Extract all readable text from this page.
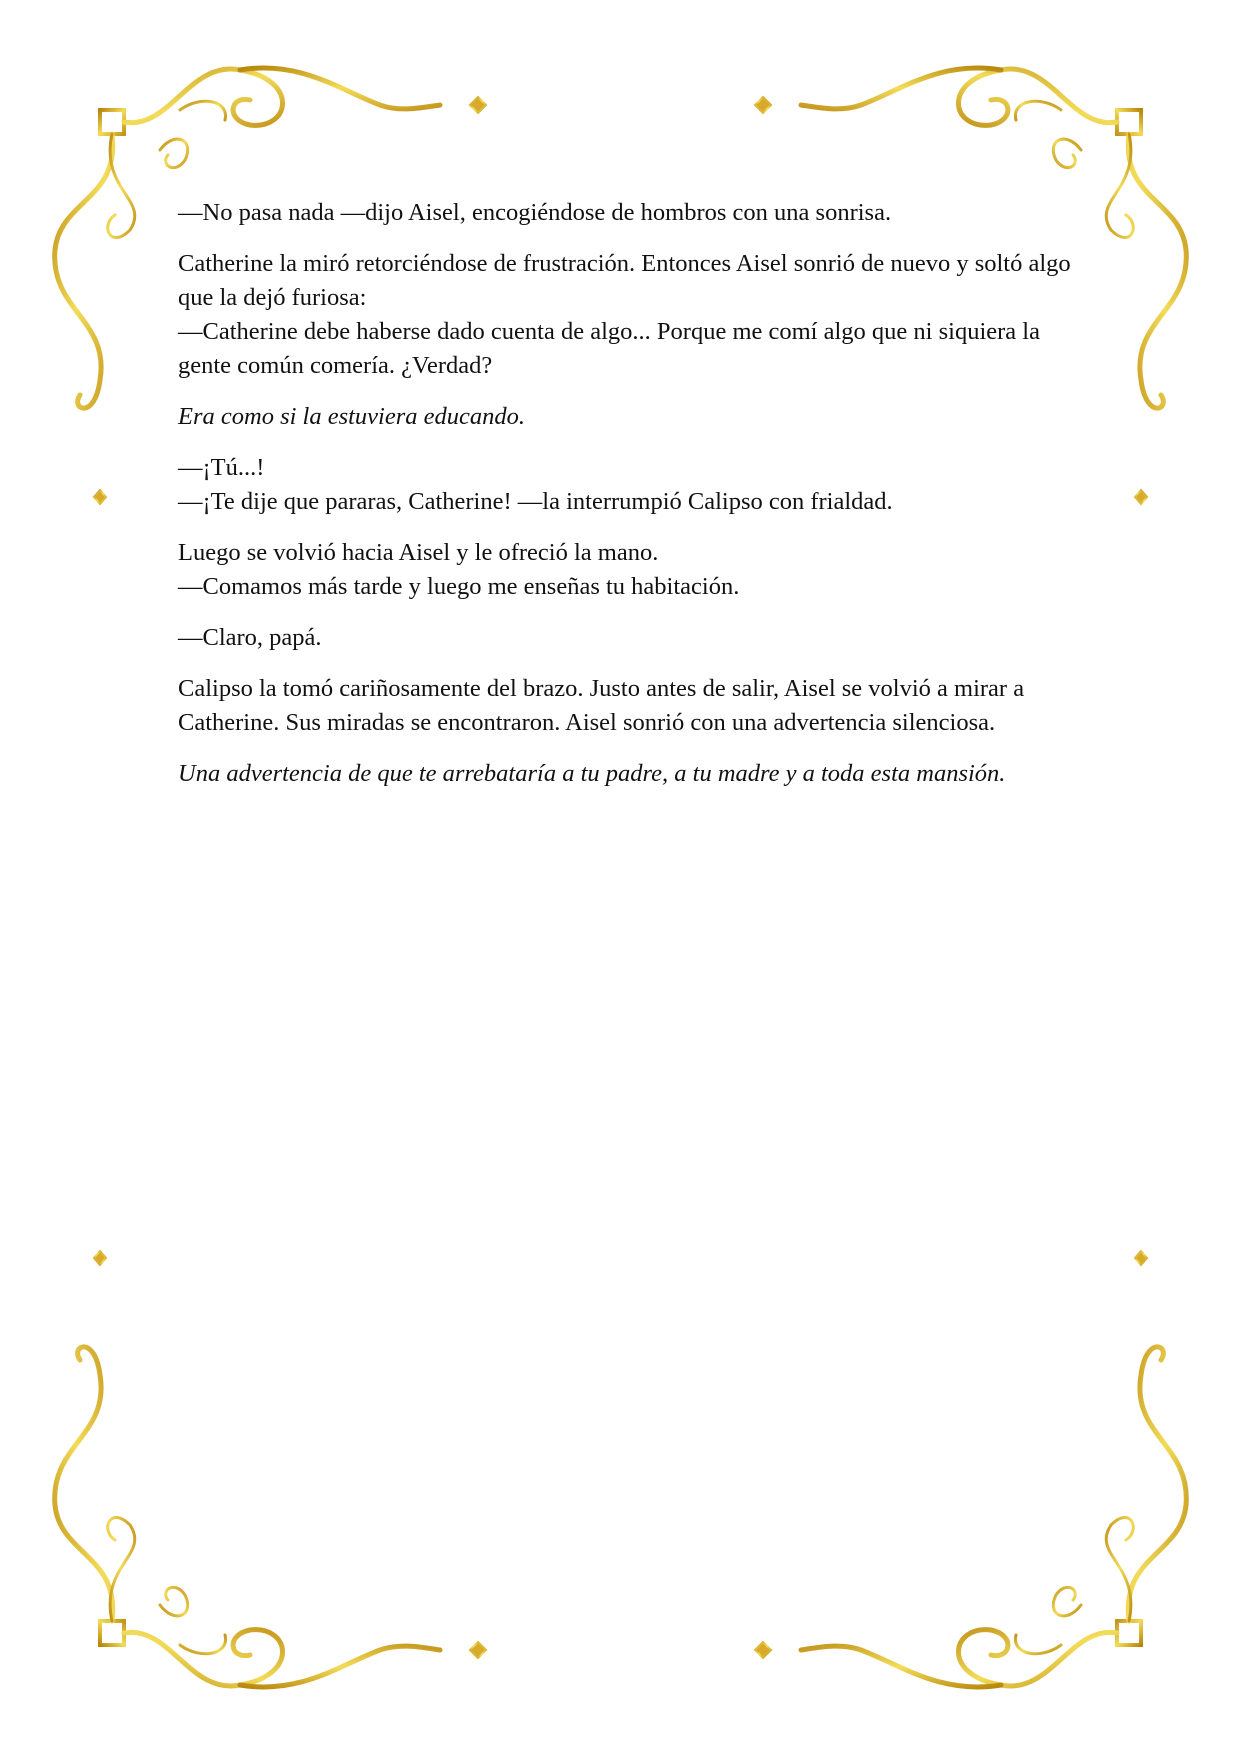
—No pasa nada —dijo Aisel, encogiéndose de hombros con una sonrisa.

Catherine la miró retorciéndose de frustración. Entonces Aisel sonrió de nuevo y soltó algo que la dejó furiosa:
—Catherine debe haberse dado cuenta de algo... Porque me comí algo que ni siquiera la gente común comería. ¿Verdad?

Era como si la estuviera educando.

—¡Tú...!
—¡Te dije que pararas, Catherine! —la interrumpió Calipso con frialdad.

Luego se volvió hacia Aisel y le ofreció la mano.
—Comamos más tarde y luego me enseñas tu habitación.

—Claro, papá.

Calipso la tomó cariñosamente del brazo. Justo antes de salir, Aisel se volvió a mirar a Catherine. Sus miradas se encontraron. Aisel sonrió con una advertencia silenciosa.

Una advertencia de que te arrebataría a tu padre, a tu madre y a toda esta mansión.
